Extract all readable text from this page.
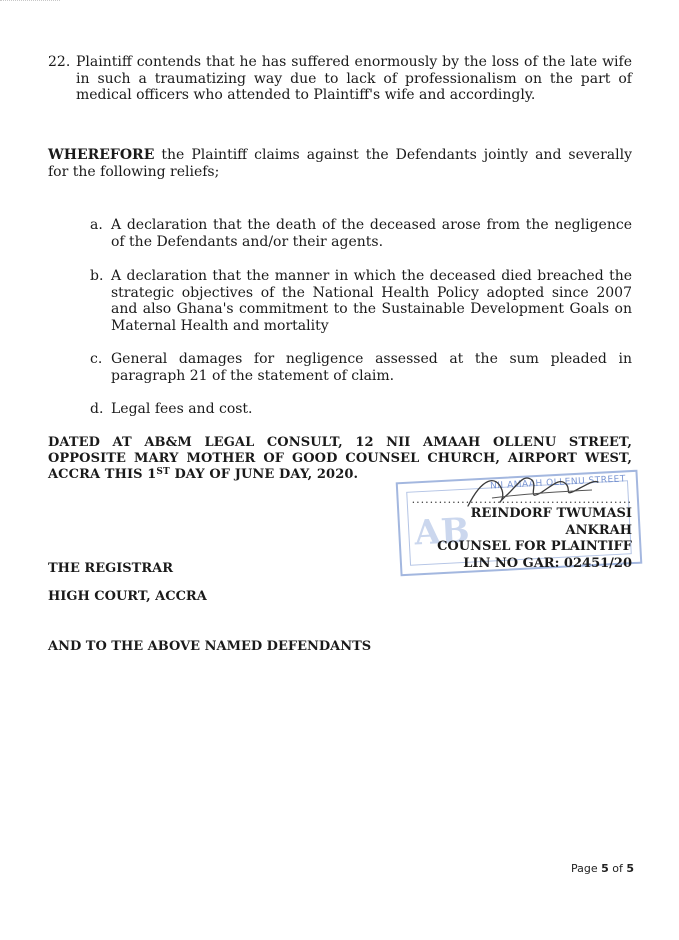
22. Plaintiff contends that he has suffered enormously by the loss of the late wife in such a traumatizing way due to lack of professionalism on the part of medical officers who attended to Plaintiff's wife and accordingly.

WHEREFORE the Plaintiff claims against the Defendants jointly and severally for the following reliefs;

a. A declaration that the death of the deceased arose from the negligence of the Defendants and/or their agents.

b. A declaration that the manner in which the deceased died breached the strategic objectives of the National Health Policy adopted since 2007 and also Ghana's commitment to the Sustainable Development Goals on Maternal Health and mortality

c. General damages for negligence assessed at the sum pleaded in paragraph 21 of the statement of claim.

d. Legal fees and cost.

DATED AT AB&M LEGAL CONSULT, 12 NII AMAAH OLLENU STREET, OPPOSITE MARY MOTHER OF GOOD COUNSEL CHURCH, AIRPORT WEST, ACCRA THIS 1ST DAY OF JUNE DAY, 2020.	NII AMAAH OLLENU STREET
AB
.................................................
REINDORF TWUMASI ANKRAH
COUNSEL FOR PLAINTIFF
LIN NO GAR: 02451/20
THE REGISTRAR
HIGH COURT, ACCRA
AND TO THE ABOVE NAMED DEFENDANTS
Page 5 of 5
